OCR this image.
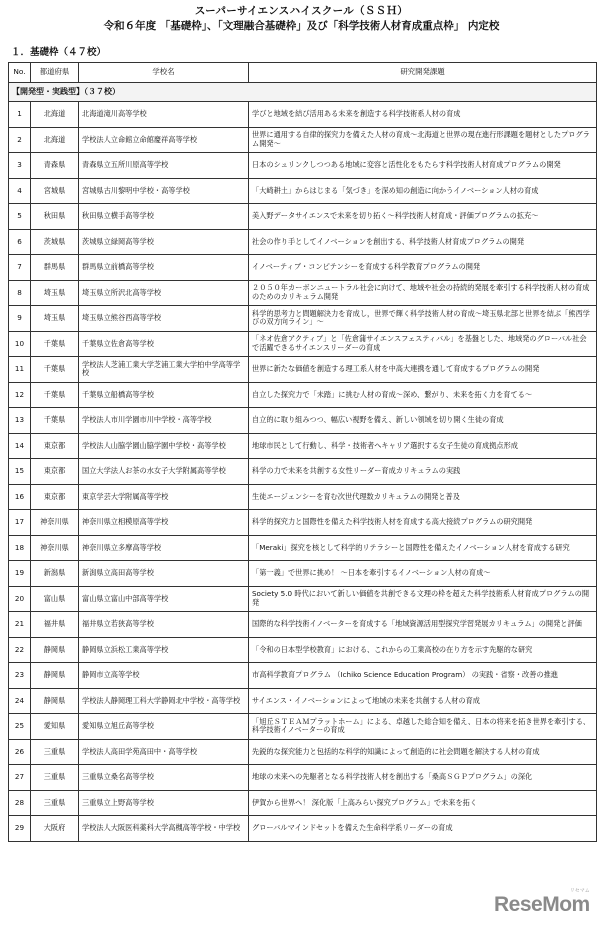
スーパーサイエンスハイスクール（ＳＳＨ）
令和６年度 「基礎枠」、「文理融合基礎枠」及び「科学技術人材育成重点枠」 内定校
１．基礎枠（４７校）
No.	都道府県	学校名	研究開発課題
【開発型・実践型】（３７校）			
1	北海道	北海道滝川高等学校	学びと地域を結び活用ある未来を創造する科学技術系人材の育成
2	北海道	学校法人立命館立命館慶祥高等学校	世界に通用する自律的探究力を備えた人材の育成～北海道と世界の現在進行形課題を題材としたプログラム開発～
3	青森県	青森県立五所川原高等学校	日本のシュリンクしつつある地域に変容と活性化をもたらす科学技術人材育成プログラムの開発
4	宮城県	宮城県古川黎明中学校・高等学校	「大崎耕土」からはじまる「気づき」を深め知の創造に向かうイノベーション人材の育成
5	秋田県	秋田県立横手高等学校	美入野データサイエンスで未来を切り拓く～科学技術人材育成・評価プログラムの拡充～
6	茨城県	茨城県立緑岡高等学校	社会の作り手としてイノベーションを創出する、科学技術人材育成プログラムの開発
7	群馬県	群馬県立前橋高等学校	イノベーティブ・コンピテンシーを育成する科学教育プログラムの開発
8	埼玉県	埼玉県立所沢北高等学校	２０５０年カーボンニュートラル社会に向けて、地域や社会の持続的発展を牽引する科学技術人材の育成のためのカリキュラム開発
9	埼玉県	埼玉県立熊谷西高等学校	科学的思考力と問題解決力を育成し，世界で輝く科学技術人材の育成～埼玉県北部と世界を結ぶ「熊西学びの双方向ライン」～
10	千葉県	千葉県立佐倉高等学校	「ネオ佐倉アクティブ」と「佐倉蒲サイエンスフェスティバル」を基盤とした、地域発のグローバル社会で活躍できるサイエンスリーダーの育成
11	千葉県	学校法人芝浦工業大学芝浦工業大学柏中学高等学校	世界に新たな価値を創造する理工系人材を中高大連携を通して育成するプログラムの開発
12	千葉県	千葉県立船橋高等学校	自立した探究力で「未踏」に挑む人材の育成～深め、繋がり、未来を拓く力を育てる～
13	千葉県	学校法人市川学園市川中学校・高等学校	自立的に取り組みつつ、幅広い視野を備え、新しい領域を切り開く生徒の育成
14	東京都	学校法人山脇学園山脇学園中学校・高等学校	地球市民として行動し、科学・技術者へキャリア選択する女子生徒の育成拠点形成
15	東京都	国立大学法人お茶の水女子大学附属高等学校	科学の力で未来を共創する女性リーダー育成カリキュラムの実践
16	東京都	東京学芸大学附属高等学校	生徒エージェンシーを育む次世代理数カリキュラムの開発と普及
17	神奈川県	神奈川県立相模原高等学校	科学的探究力と国際性を備えた科学技術人材を育成する高大接続プログラムの研究開発
18	神奈川県	神奈川県立多摩高等学校	「Meraki」探究を核として科学的リテラシーと国際性を備えたイノベーション人材を育成する研究
19	新潟県	新潟県立高田高等学校	「第一義」で世界に挑め！ ～日本を牽引するイノベーション人材の育成～
20	富山県	富山県立富山中部高等学校	Society 5.0 時代において新しい価値を共創できる文理の枠を超えた科学技術系人材育成プログラムの開発
21	福井県	福井県立若狭高等学校	国際的な科学技術イノベーターを育成する「地域資源活用型探究学習発展カリキュラム」の開発と評価
22	静岡県	静岡県立浜松工業高等学校	「令和の日本型学校教育」における、これからの工業高校の在り方を示す先駆的な研究
23	静岡県	静岡市立高等学校	市高科学教育プログラム （Ichiko Science Education Program） の実践・省察・改善の推進
24	静岡県	学校法人静岡理工科大学静岡北中学校・高等学校	サイエンス・イノベーションによって地域の未来を共創する人材の育成
25	愛知県	愛知県立旭丘高等学校	「旭丘ＳＴＥＡＭプラットホーム」による、卓越した総合知を備え、日本の将来を拓き世界を牽引する、科学技術イノベーターの育成
26	三重県	学校法人高田学苑高田中・高等学校	先鋭的な探究能力と包括的な科学的知識によって創造的に社会問題を解決する人材の育成
27	三重県	三重県立桑名高等学校	地球の未来への先駆者となる科学技術人材を創出する「桑高ＳＧＰプログラム」の深化
28	三重県	三重県立上野高等学校	伊賀から世界へ！ 深化版「上高みらい探究プログラム」で未来を拓く
29	大阪府	学校法人大阪医科薬科大学高槻高等学校・中学校	グローバルマインドセットを備えた生命科学系リーダーの育成
リセマム
ReseMom
